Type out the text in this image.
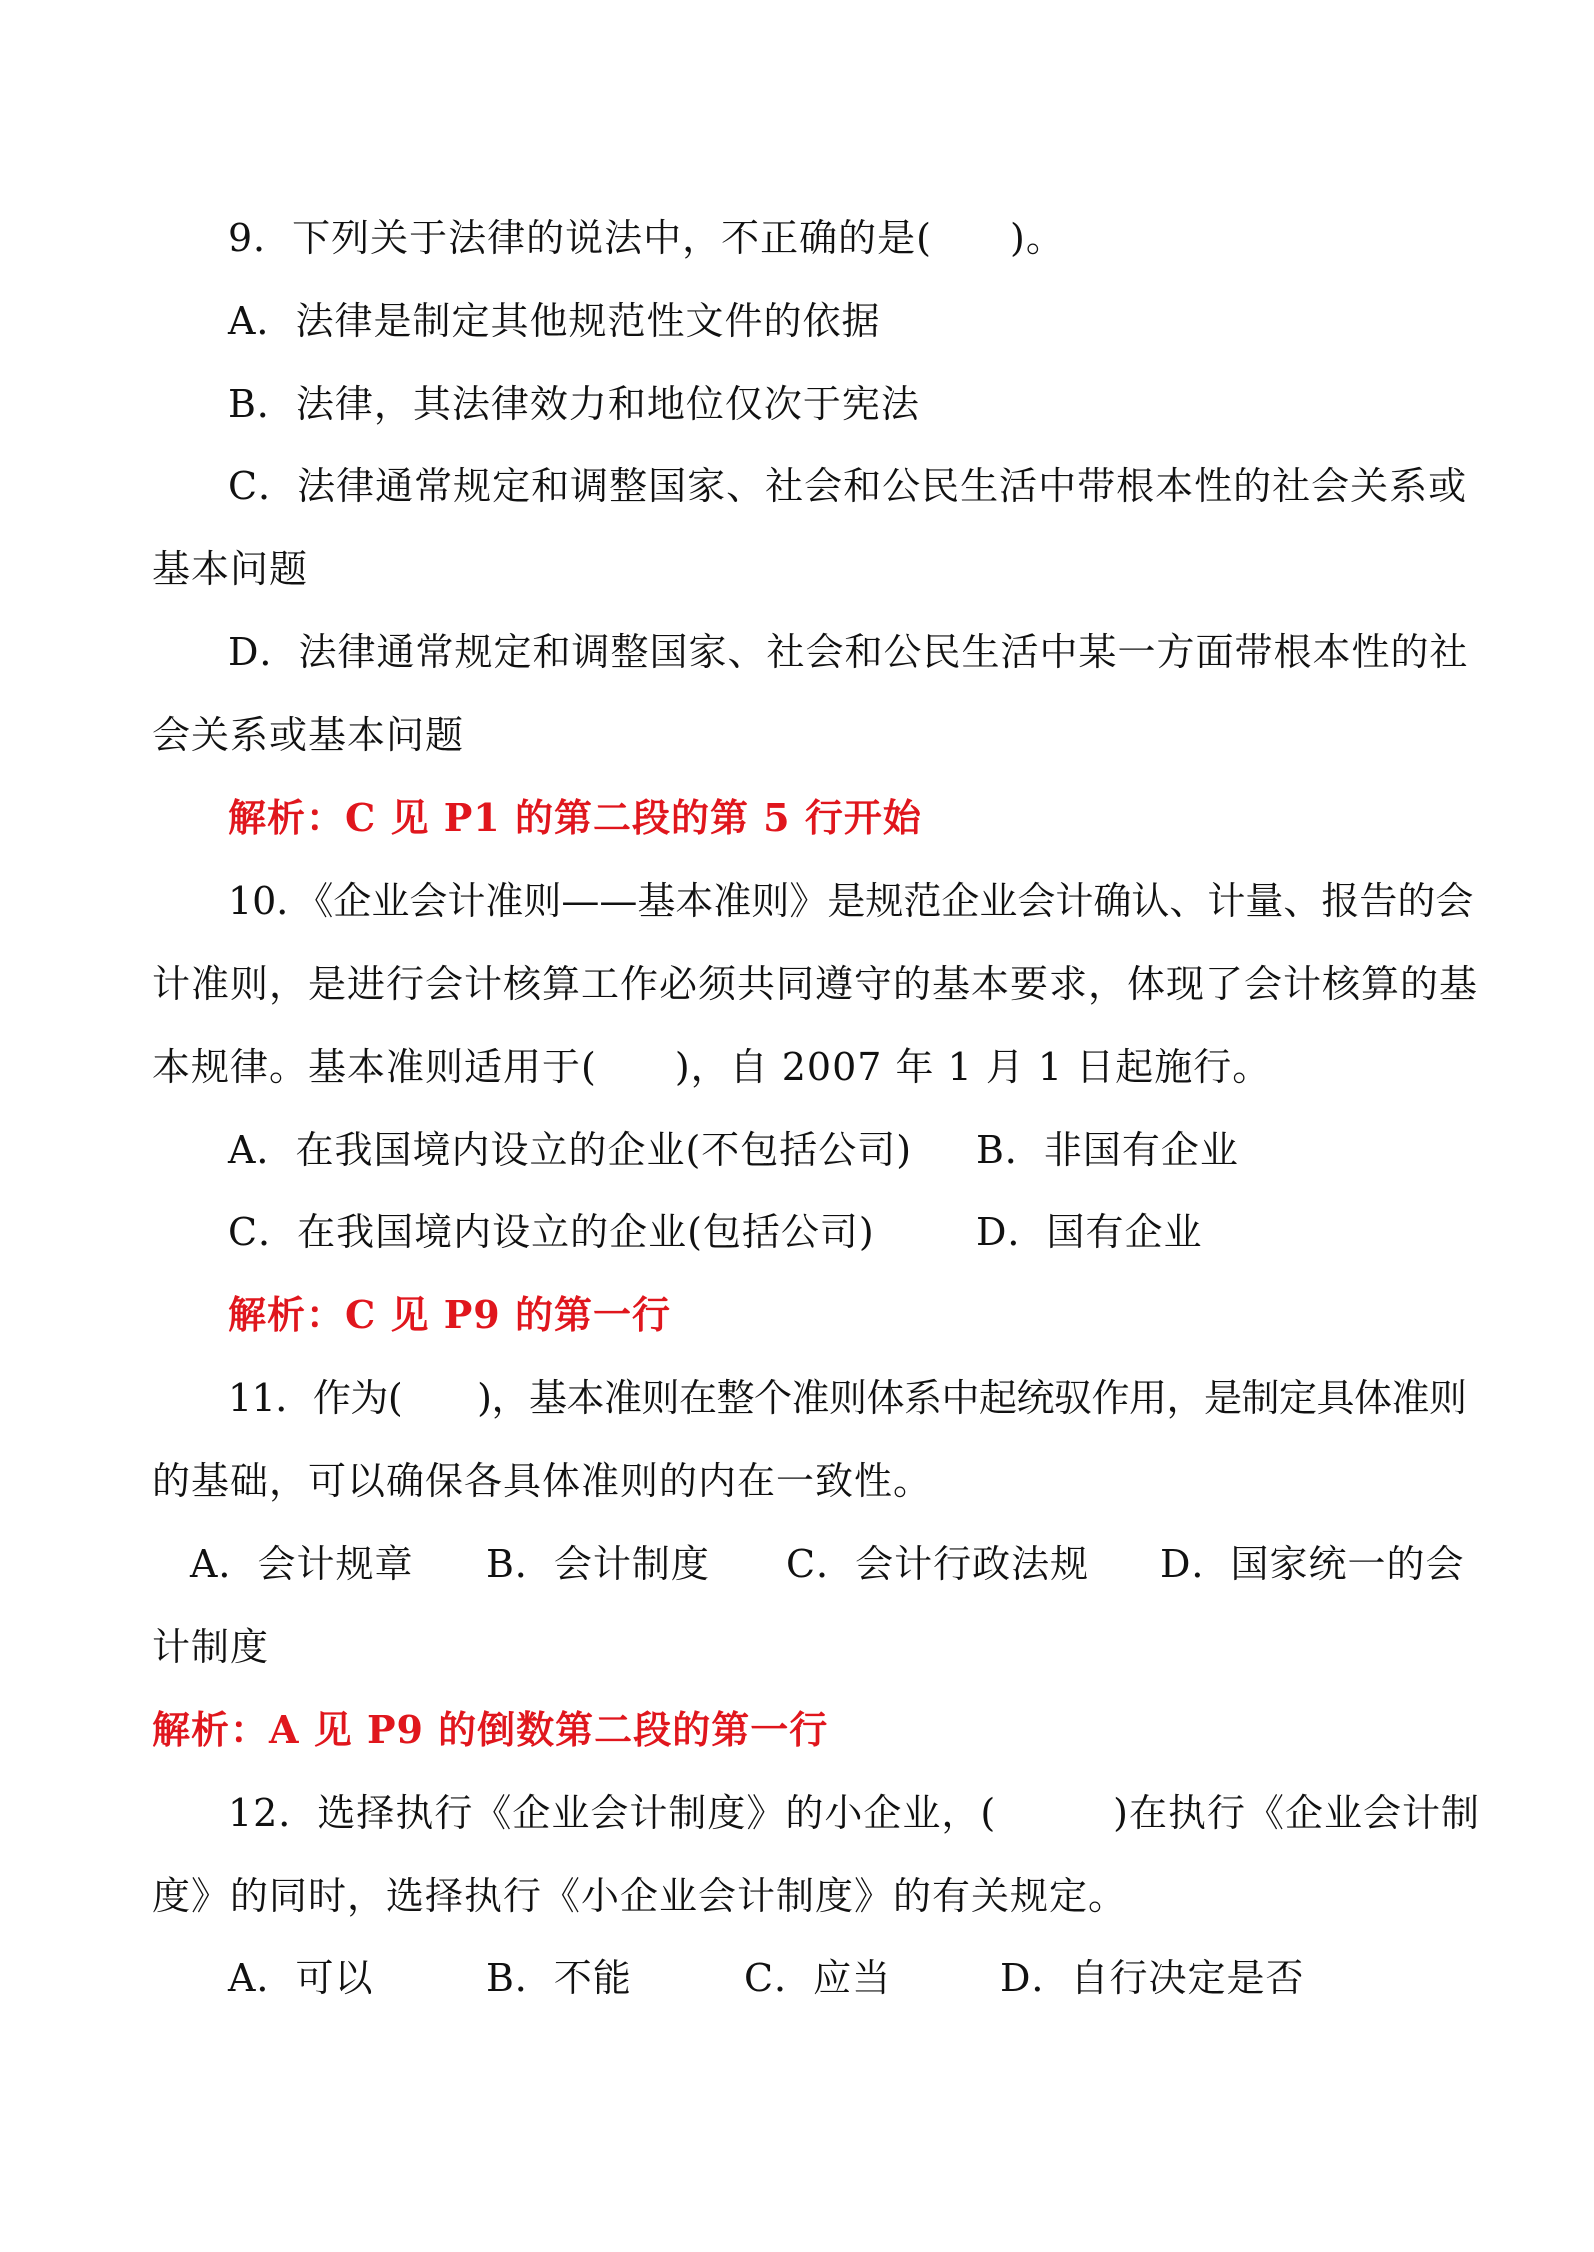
9．下列关于法律的说法中，不正确的是(　　)。
A．法律是制定其他规范性文件的依据
B．法律，其法律效力和地位仅次于宪法
C．法律通常规定和调整国家、社会和公民生活中带根本性的社会关系或
基本问题
D．法律通常规定和调整国家、社会和公民生活中某一方面带根本性的社
会关系或基本问题
解析：C 见 P1 的第二段的第 5 行开始
10．《企业会计准则——基本准则》是规范企业会计确认、计量、报告的会
计准则，是进行会计核算工作必须共同遵守的基本要求，体现了会计核算的基
本规律。基本准则适用于(　　)，自 2007 年 1 月 1 日起施行。
A．在我国境内设立的企业(不包括公司) B．非国有企业
C．在我国境内设立的企业(包括公司)	D．国有企业
解析：C 见 P9 的第一行
11．作为(　　)，基本准则在整个准则体系中起统驭作用，是制定具体准则
的基础，可以确保各具体准则的内在一致性。
A．会计规章 B．会计制度 C．会计行政法规 D．国家统一的会
计制度
解析：A 见 P9 的倒数第二段的第一行
12．选择执行《企业会计制度》的小企业，(　　　)在执行《企业会计制
度》的同时，选择执行《小企业会计制度》的有关规定。
A．可以	B．不能	C．应当	D．自行决定是否
